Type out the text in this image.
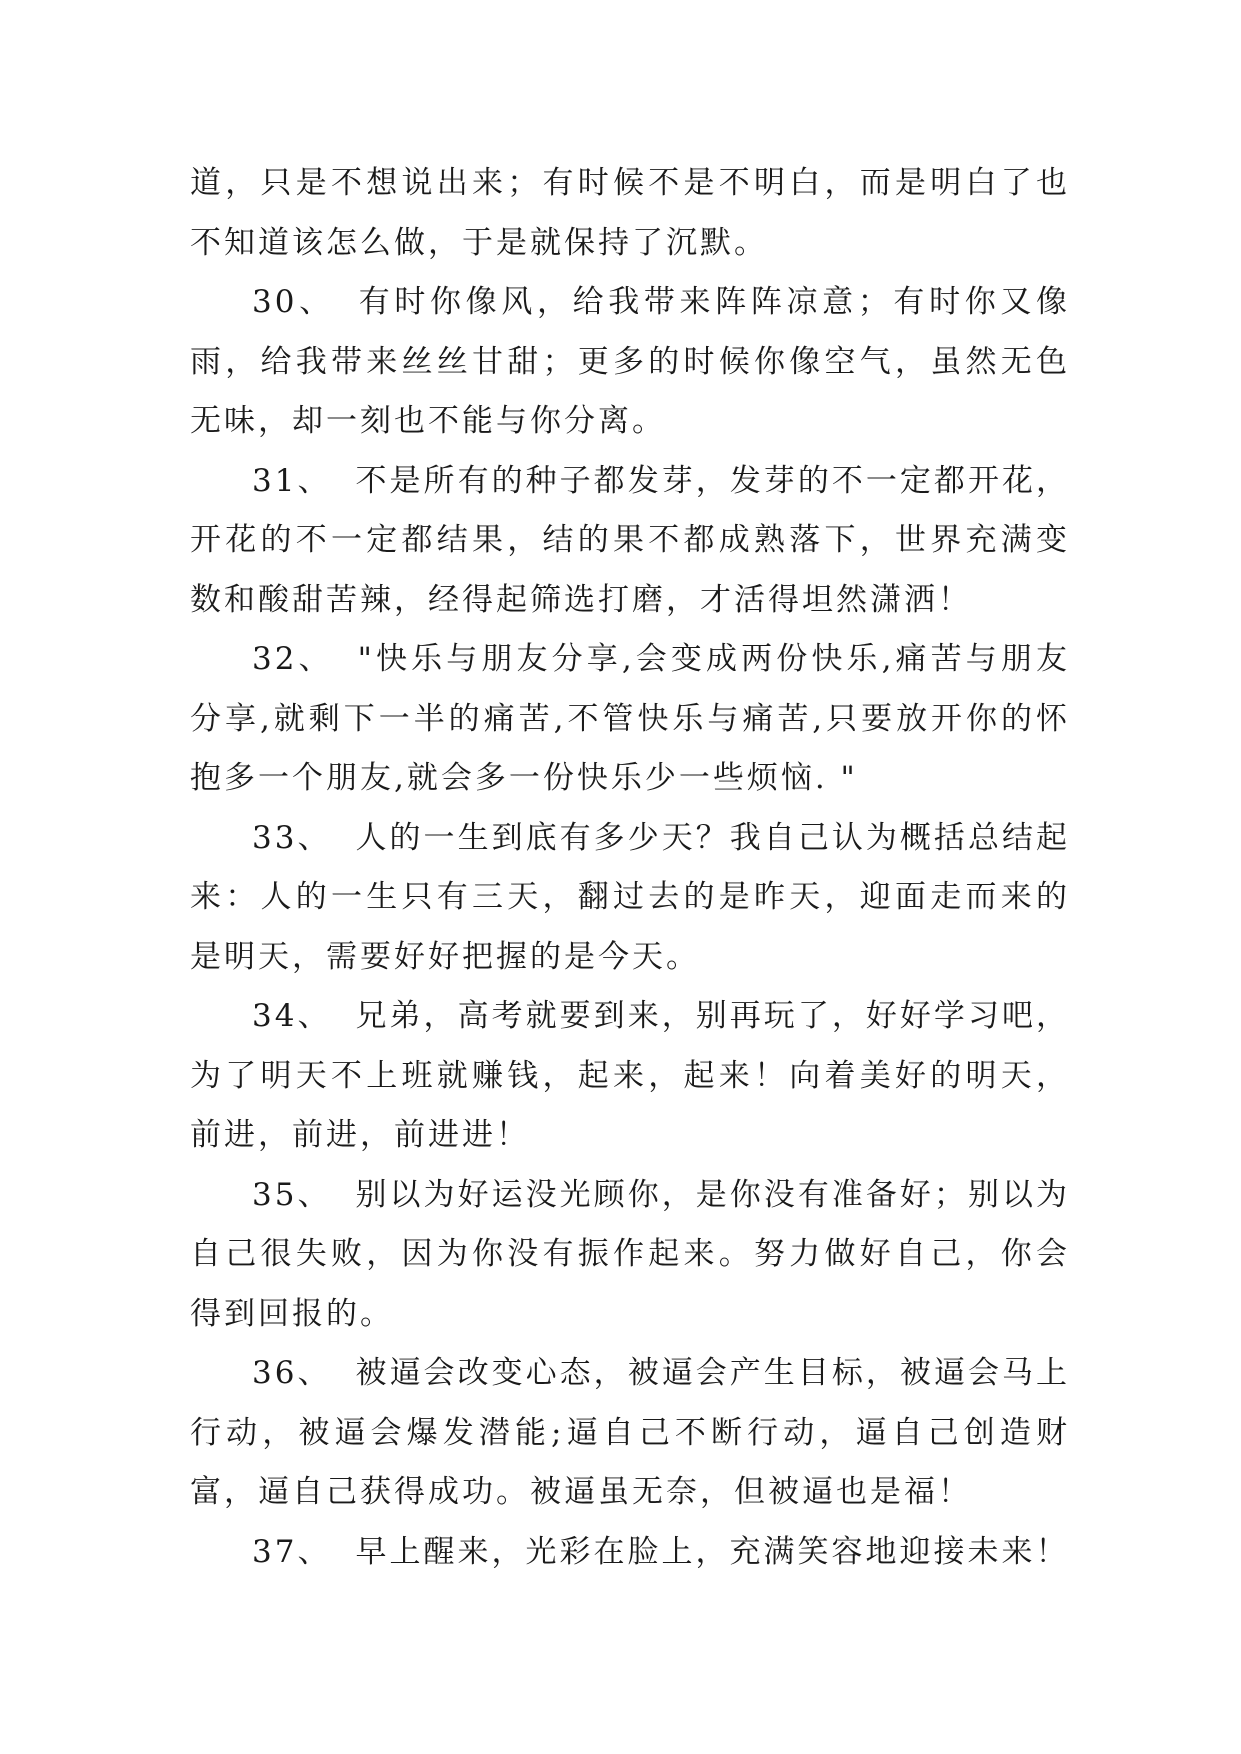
道，只是不想说出来；有时候不是不明白，而是明白了也不知道该怎么做，于是就保持了沉默。

30、 有时你像风，给我带来阵阵凉意；有时你又像雨，给我带来丝丝甘甜；更多的时候你像空气，虽然无色无味，却一刻也不能与你分离。

31、 不是所有的种子都发芽，发芽的不一定都开花，开花的不一定都结果，结的果不都成熟落下，世界充满变数和酸甜苦辣，经得起筛选打磨，才活得坦然潇洒！

32、 "快乐与朋友分享,会变成两份快乐,痛苦与朋友分享,就剩下一半的痛苦,不管快乐与痛苦,只要放开你的怀抱多一个朋友,就会多一份快乐少一些烦恼. "

33、 人的一生到底有多少天？我自己认为概括总结起来：人的一生只有三天，翻过去的是昨天，迎面走而来的是明天，需要好好把握的是今天。

34、 兄弟，高考就要到来，别再玩了，好好学习吧，为了明天不上班就赚钱，起来，起来！向着美好的明天，前进，前进，前进进！

35、 别以为好运没光顾你，是你没有准备好；别以为自己很失败，因为你没有振作起来。努力做好自己，你会得到回报的。

36、 被逼会改变心态，被逼会产生目标，被逼会马上行动，被逼会爆发潜能;逼自己不断行动，逼自己创造财富，逼自己获得成功。被逼虽无奈，但被逼也是福！

37、 早上醒来，光彩在脸上，充满笑容地迎接未来！
